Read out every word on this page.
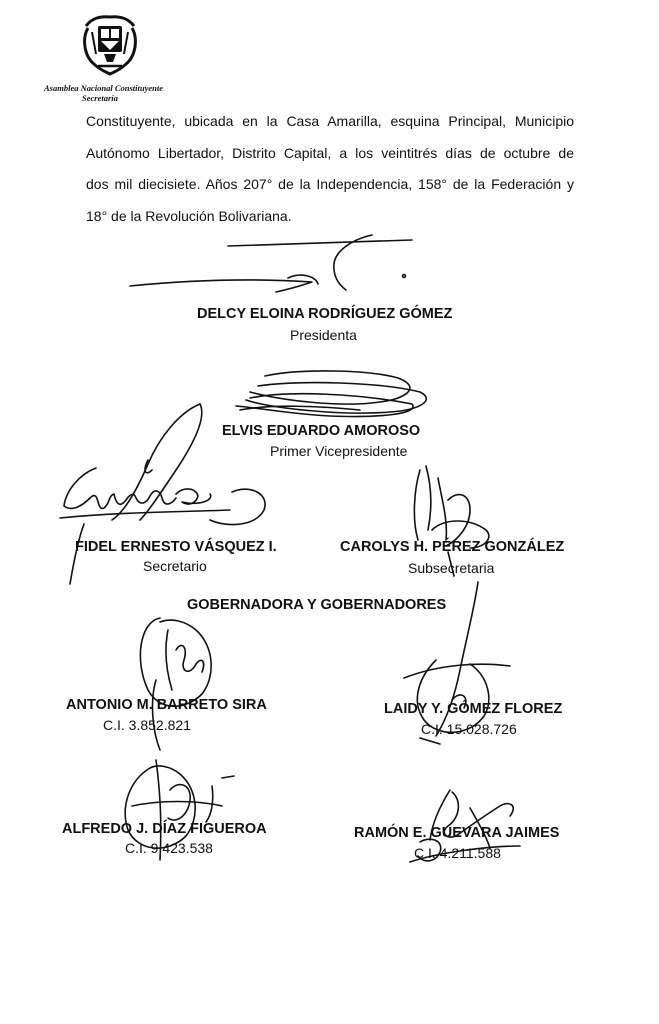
Asamblea Nacional Constituyente
Secretaría
Constituyente, ubicada en la Casa Amarilla, esquina Principal, Municipio
Autónomo Libertador, Distrito Capital, a los veintitrés días de octubre de
dos mil diecisiete. Años 207° de la Independencia, 158° de la Federación y
18° de la Revolución Bolivariana.
DELCY ELOINA RODRÍGUEZ GÓMEZ
Presidenta
ELVIS EDUARDO AMOROSO
Primer Vicepresidente
FIDEL ERNESTO VÁSQUEZ I.
Secretario
CAROLYS H. PÉREZ GONZÁLEZ
Subsecretaria
GOBERNADORA Y GOBERNADORES
ANTONIO M. BARRETO SIRA
C.I. 3.852.821
LAIDY Y. GÓMEZ FLOREZ
C.I. 15.028.726
ALFREDO J. DÍAZ FIGUEROA
C.I. 9.423.538
RAMÓN E. GUEVARA JAIMES
C.I. 4.211.588
